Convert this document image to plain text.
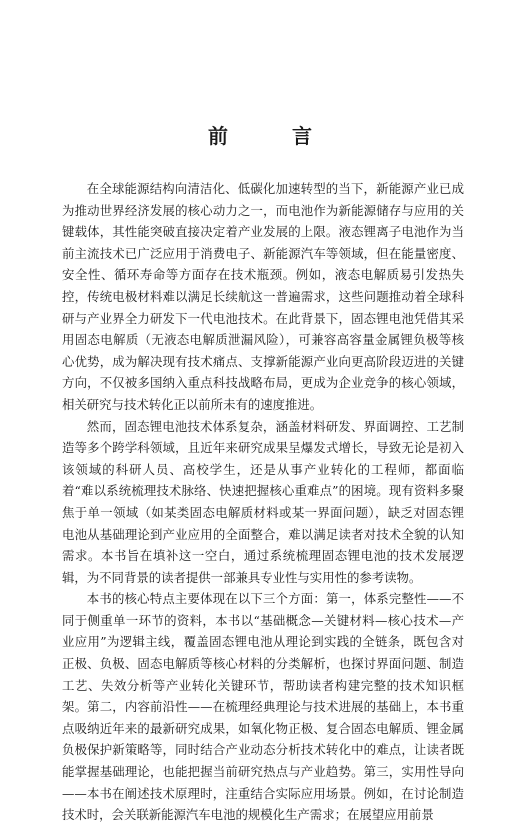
前　言

在全球能源结构向清洁化、低碳化加速转型的当下，新能源产业已成为推动世界经济发展的核心动力之一，而电池作为新能源储存与应用的关键载体，其性能突破直接决定着产业发展的上限。液态锂离子电池作为当前主流技术已广泛应用于消费电子、新能源汽车等领域，但在能量密度、安全性、循环寿命等方面存在技术瓶颈。例如，液态电解质易引发热失控，传统电极材料难以满足长续航这一普遍需求，这些问题推动着全球科研与产业界全力研发下一代电池技术。在此背景下，固态锂电池凭借其采用固态电解质（无液态电解质泄漏风险），可兼容高容量金属锂负极等核心优势，成为解决现有技术痛点、支撑新能源产业向更高阶段迈进的关键方向，不仅被多国纳入重点科技战略布局，更成为企业竞争的核心领域，相关研究与技术转化正以前所未有的速度推进。

然而，固态锂电池技术体系复杂，涵盖材料研发、界面调控、工艺制造等多个跨学科领域，且近年来研究成果呈爆发式增长，导致无论是初入该领域的科研人员、高校学生，还是从事产业转化的工程师，都面临着“难以系统梳理技术脉络、快速把握核心重难点”的困境。现有资料多聚焦于单一领域（如某类固态电解质材料或某一界面问题），缺乏对固态锂电池从基础理论到产业应用的全面整合，难以满足读者对技术全貌的认知需求。本书旨在填补这一空白，通过系统梳理固态锂电池的技术发展逻辑，为不同背景的读者提供一部兼具专业性与实用性的参考读物。

本书的核心特点主要体现在以下三个方面：第一，体系完整性——不同于侧重单一环节的资料，本书以“基础概念—关键材料—核心技术—产业应用”为逻辑主线，覆盖固态锂电池从理论到实践的全链条，既包含对正极、负极、固态电解质等核心材料的分类解析，也探讨界面问题、制造工艺、失效分析等产业转化关键环节，帮助读者构建完整的技术知识框架。第二，内容前沿性——在梳理经典理论与技术进展的基础上，本书重点吸纳近年来的最新研究成果，如氧化物正极、复合固态电解质、锂金属负极保护新策略等，同时结合产业动态分析技术转化中的难点，让读者既能掌握基础理论，也能把握当前研究热点与产业趋势。第三，实用性导向——本书在阐述技术原理时，注重结合实际应用场景。例如，在讨论制造技术时，会关联新能源汽车电池的规模化生产需求；在展望应用前景
